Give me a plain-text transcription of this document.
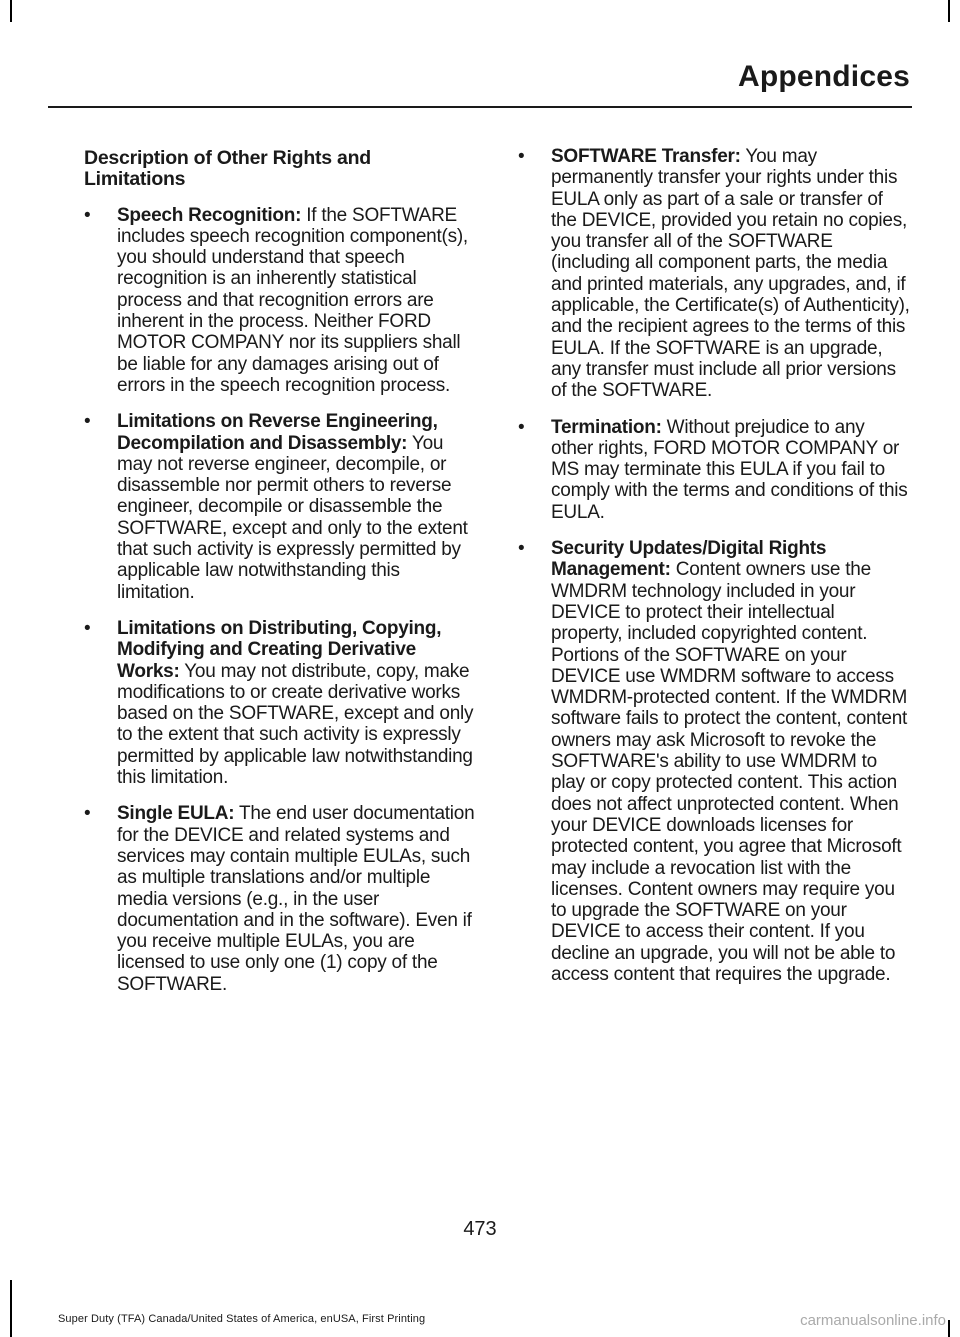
Appendices
Description of Other Rights and Limitations
• Speech Recognition: If the SOFTWARE includes speech recognition component(s), you should understand that speech recognition is an inherently statistical process and that recognition errors are inherent in the process. Neither FORD MOTOR COMPANY nor its suppliers shall be liable for any damages arising out of errors in the speech recognition process.
• Limitations on Reverse Engineering, Decompilation and Disassembly: You may not reverse engineer, decompile, or disassemble nor permit others to reverse engineer, decompile or disassemble the SOFTWARE, except and only to the extent that such activity is expressly permitted by applicable law notwithstanding this limitation.
• Limitations on Distributing, Copying, Modifying and Creating Derivative Works: You may not distribute, copy, make modifications to or create derivative works based on the SOFTWARE, except and only to the extent that such activity is expressly permitted by applicable law notwithstanding this limitation.
• Single EULA: The end user documentation for the DEVICE and related systems and services may contain multiple EULAs, such as multiple translations and/or multiple media versions (e.g., in the user documentation and in the software). Even if you receive multiple EULAs, you are licensed to use only one (1) copy of the SOFTWARE.
• SOFTWARE Transfer: You may permanently transfer your rights under this EULA only as part of a sale or transfer of the DEVICE, provided you retain no copies, you transfer all of the SOFTWARE (including all component parts, the media and printed materials, any upgrades, and, if applicable, the Certificate(s) of Authenticity), and the recipient agrees to the terms of this EULA. If the SOFTWARE is an upgrade, any transfer must include all prior versions of the SOFTWARE.
• Termination: Without prejudice to any other rights, FORD MOTOR COMPANY or MS may terminate this EULA if you fail to comply with the terms and conditions of this EULA.
• Security Updates/Digital Rights Management: Content owners use the WMDRM technology included in your DEVICE to protect their intellectual property, included copyrighted content. Portions of the SOFTWARE on your DEVICE use WMDRM software to access WMDRM-protected content. If the WMDRM software fails to protect the content, content owners may ask Microsoft to revoke the SOFTWARE's ability to use WMDRM to play or copy protected content. This action does not affect unprotected content. When your DEVICE downloads licenses for protected content, you agree that Microsoft may include a revocation list with the licenses. Content owners may require you to upgrade the SOFTWARE on your DEVICE to access their content. If you decline an upgrade, you will not be able to access content that requires the upgrade.
473
Super Duty (TFA) Canada/United States of America, enUSA, First Printing	carmanualsonline.info
